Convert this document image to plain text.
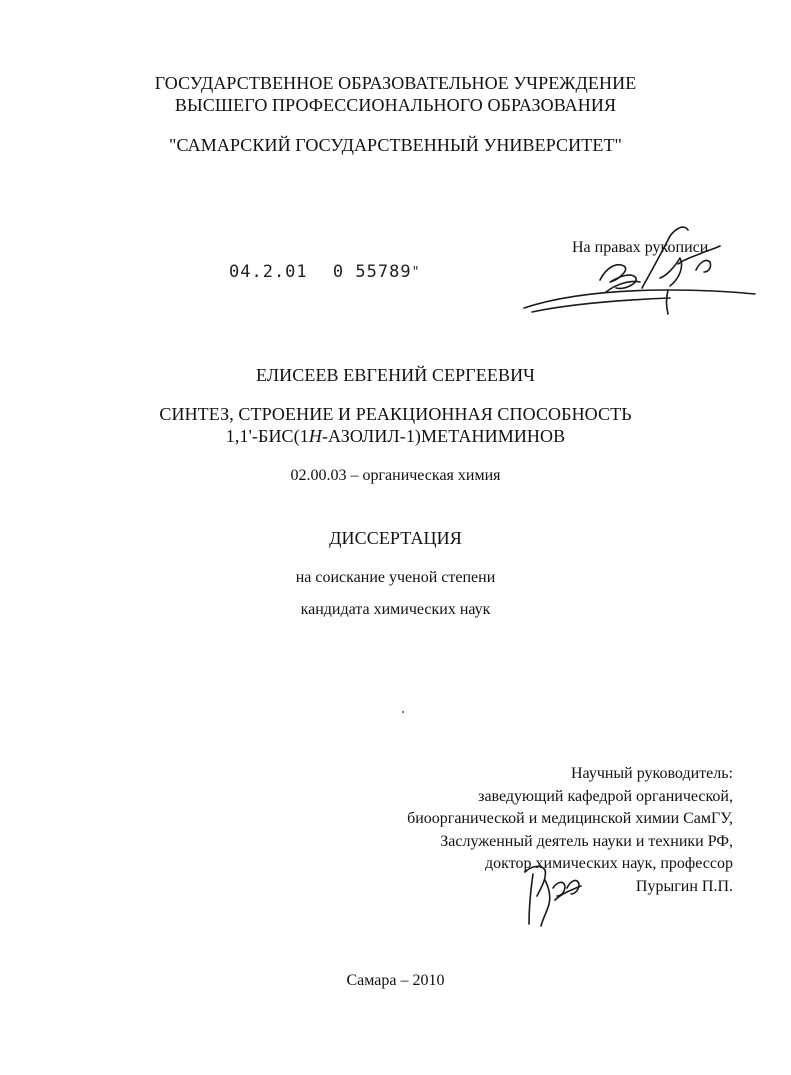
ГОСУДАРСТВЕННОЕ ОБРАЗОВАТЕЛЬНОЕ УЧРЕЖДЕНИЕ
ВЫСШЕГО ПРОФЕССИОНАЛЬНОГО ОБРАЗОВАНИЯ
"САМАРСКИЙ ГОСУДАРСТВЕННЫЙ УНИВЕРСИТЕТ"
04.2.01 0 55789"
На правах рукописи
ЕЛИСЕЕВ ЕВГЕНИЙ СЕРГЕЕВИЧ
СИНТЕЗ, СТРОЕНИЕ И РЕАКЦИОННАЯ СПОСОБНОСТЬ
1,1'-БИС(1H-АЗОЛИЛ-1)МЕТАНИМИНОВ
02.00.03 – органическая химия
ДИССЕРТАЦИЯ
на соискание ученой степени
кандидата химических наук
Научный руководитель:
заведующий кафедрой органической,
биоорганической и медицинской химии СамГУ,
Заслуженный деятель науки и техники РФ,
доктор химических наук, профессор
Пурыгин П.П.
Самара – 2010
